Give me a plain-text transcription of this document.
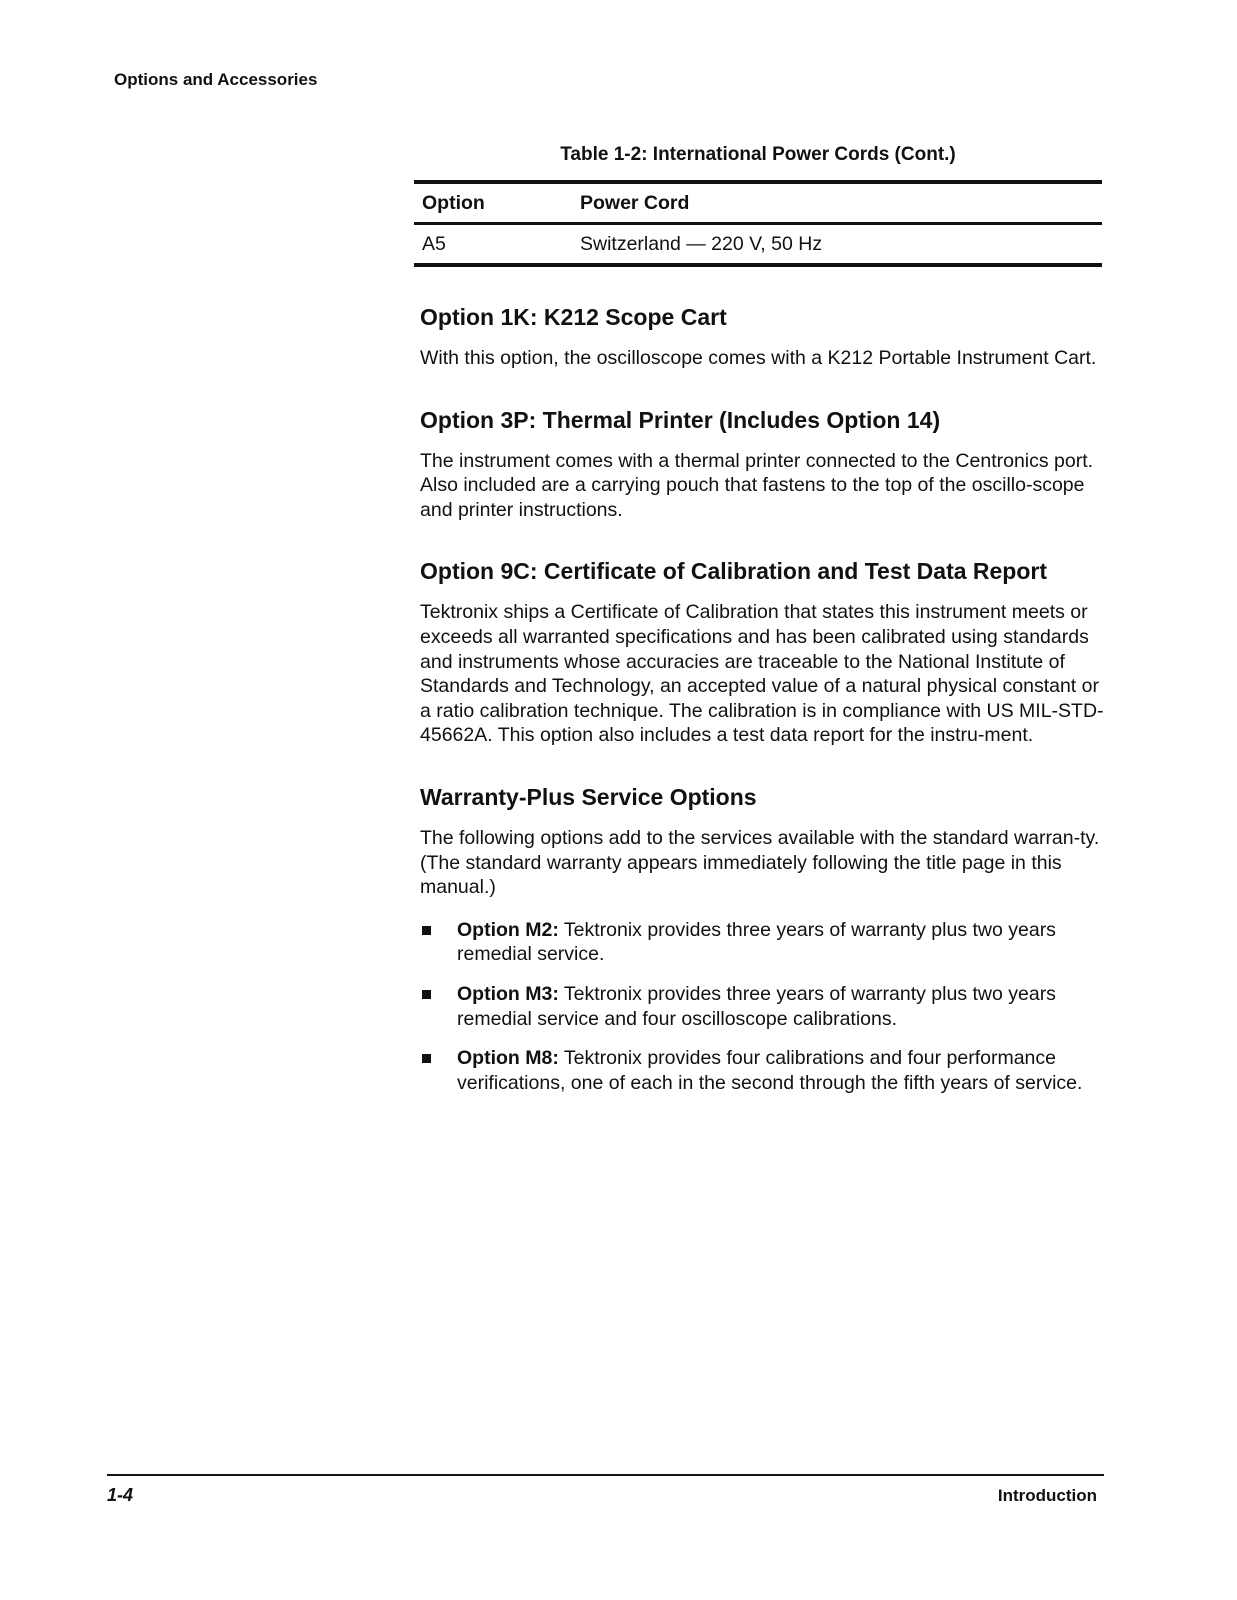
Options and Accessories
Table 1-2: International Power Cords (Cont.)
Option	Power Cord
A5	Switzerland — 220 V, 50 Hz
Option 1K: K212 Scope Cart

With this option, the oscilloscope comes with a K212 Portable Instrument Cart.

Option 3P: Thermal Printer (Includes Option 14)

The instrument comes with a thermal printer connected to the Centronics port. Also included are a carrying pouch that fastens to the top of the oscillo-scope and printer instructions.

Option 9C: Certificate of Calibration and Test Data Report

Tektronix ships a Certificate of Calibration that states this instrument meets or exceeds all warranted specifications and has been calibrated using standards and instruments whose accuracies are traceable to the National Institute of Standards and Technology, an accepted value of a natural physical constant or a ratio calibration technique. The calibration is in compliance with US MIL-STD-45662A. This option also includes a test data report for the instru-ment.

Warranty-Plus Service Options

The following options add to the services available with the standard warran-ty. (The standard warranty appears immediately following the title page in this manual.)

Option M2: Tektronix provides three years of warranty plus two years remedial service.
Option M3: Tektronix provides three years of warranty plus two years remedial service and four oscilloscope calibrations.
Option M8: Tektronix provides four calibrations and four performance verifications, one of each in the second through the fifth years of service.
1-4	Introduction
